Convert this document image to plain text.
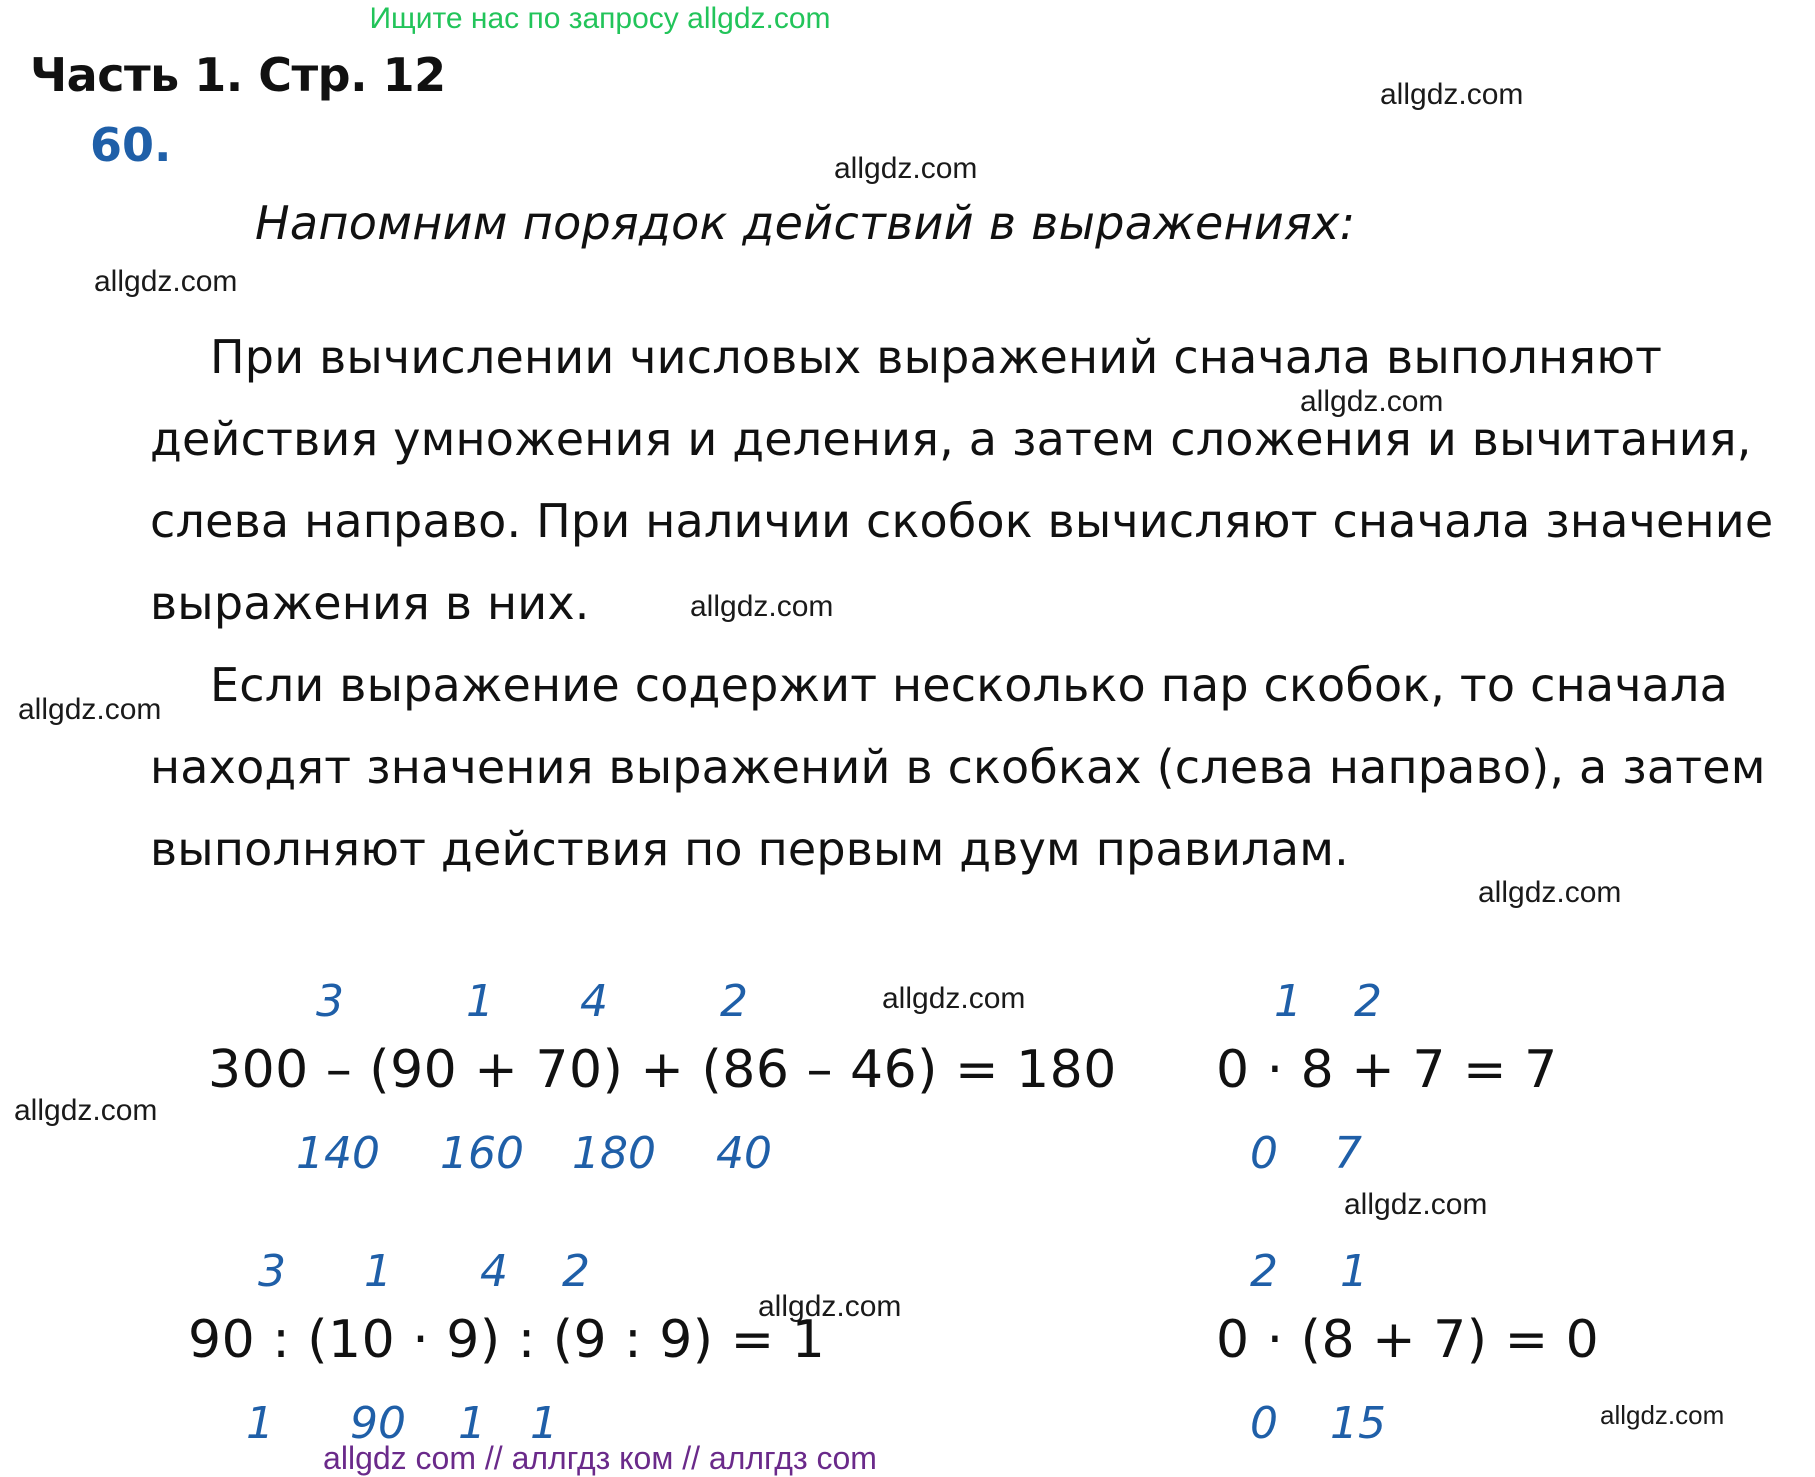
Ищите нас по запросу allgdz.com
Часть 1. Стр. 12
60.
Напомним порядок действий в выражениях:
При вычислении числовых выражений сначала выполняют
действия умножения и деления, а затем сложения и вычитания,
слева направо. При наличии скобок вычисляют сначала значение
выражения в них.
Если выражение содержит несколько пар скобок, то сначала
находят значения выражений в скобках (слева направо), а затем
выполняют действия по первым двум правилам.
allgdz.com
allgdz.com
allgdz.com
allgdz.com
allgdz.com
allgdz.com
allgdz.com
allgdz.com
allgdz.com
allgdz.com
allgdz.com
allgdz.com
3	1 4	2
300 – (90 + 70) + (86 – 46) = 180
140 160 180 40
1 2
0 · 8 + 7 = 7
0 7
3 1 4 2
90 : (10 · 9) : (9 : 9) = 1
1 90 1 1
2 1
0 · (8 + 7) = 0
0 15
allgdz com // аллгдз ком // аллгдз com
